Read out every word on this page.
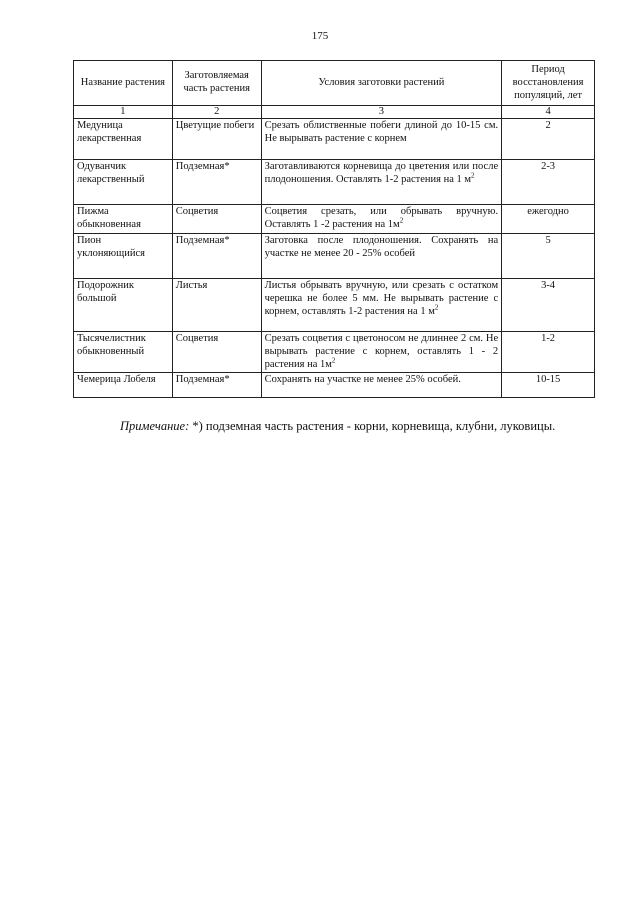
175
Название растения	Заготовляемая часть растения	Условия заготовки растений	Период восстановления популяций, лет
1	2	3	4
Медуница лекарственная	Цветущие побеги	Срезать облиственные побеги длиной до 10-15 см. Не вырывать растение с корнем	2
Одуванчик лекарственный	Подземная*	Заготавливаются корневища до цветения или после плодоношения. Оставлять 1-2 растения на 1 $м^2$	2-3
Пижма обыкновенная	Соцветия	Соцветия срезать, или обрывать вручную. Оставлять 1 -2 растения на $1м^2$	ежегодно
Пион уклоняющийся	Подземная*	Заготовка после плодоношения. Сохранять на участке не менее 20 - 25% особей	5
Подорожник большой	Листья	Листья обрывать вручную, или срезать с остатком черешка не более 5 мм. Не вырывать растение с корнем, оставлять 1-2 растения на 1 $м^2$	3-4
Тысячелистник обыкновенный	Соцветия	Срезать соцветия с цветоносом не длиннее 2 см. Не вырывать растение с корнем, оставлять 1 - 2 растения на $1м^2$	1-2
Чемерица Лобеля	Подземная*	Сохранять на участке не менее 25% особей.	10-15
Примечание: *) подземная часть растения - корни, корневища, клубни, луковицы.
